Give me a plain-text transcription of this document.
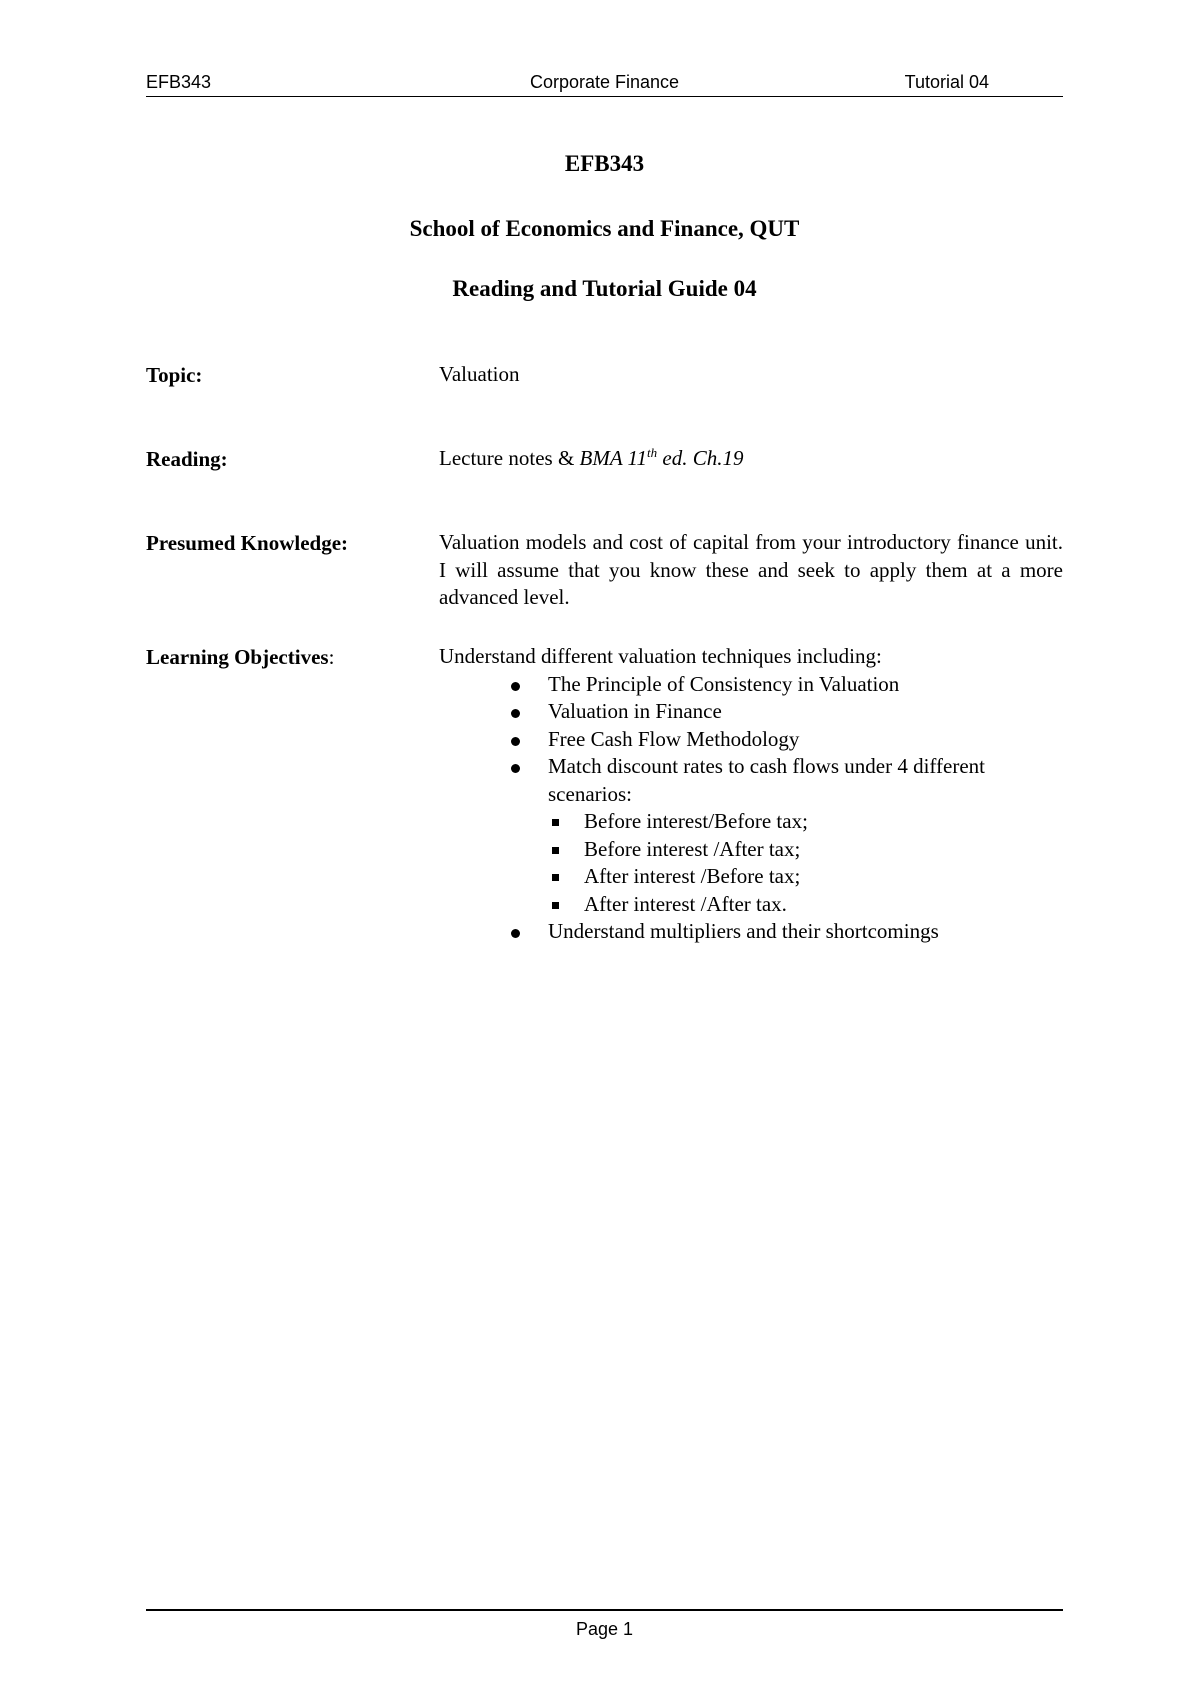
EFB343	Corporate Finance	Tutorial 04
EFB343
School of Economics and Finance, QUT
Reading and Tutorial Guide 04
Topic:	Valuation
Reading:	Lecture notes & BMA 11th ed. Ch.19
Presumed Knowledge:	Valuation models and cost of capital from your introductory finance unit. I will assume that you know these and seek to apply them at a more advanced level.
Learning Objectives:	Understand different valuation techniques including:
The Principle of Consistency in Valuation
Valuation in Finance
Free Cash Flow Methodology
Match discount rates to cash flows under 4 different scenarios:
Before interest/Before tax;
Before interest /After tax;
After interest /Before tax;
After interest /After tax.
Understand multipliers and their shortcomings
Page 1
